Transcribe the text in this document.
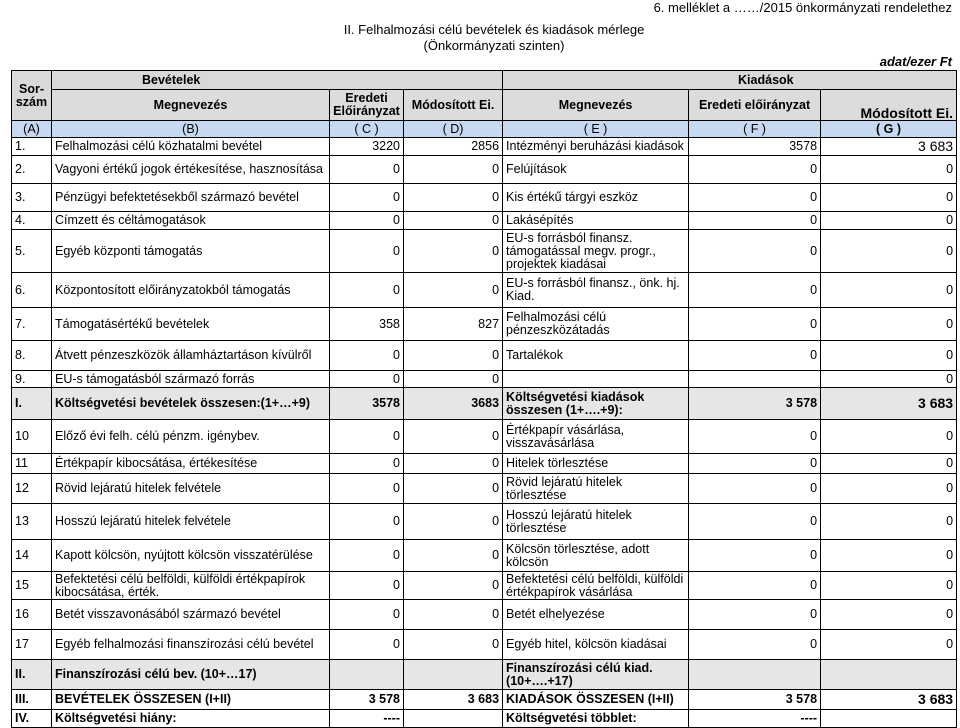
6. melléklet a ……/2015 önkormányzati rendelethez
II. Felhalmozási célú bevételek és kiadások mérlege
(Önkormányzati szinten)
adat/ezer Ft
Sor-szám	Bevételek			Kiadások		
	Megnevezés	Eredeti Előirányzat	Módosított Ei.	Megnevezés	Eredeti előirányzat	Módosított Ei.
(A)	(B)	( C )	( D)	( E )	( F )	( G )
1.	Felhalmozási célú közhatalmi bevétel	3220	2856	Intézményi beruházási kiadások	3578	3 683
2.	Vagyoni értékű jogok értékesítése, hasznosítása	0	0	Felújítások	0	0
3.	Pénzügyi befektetésekből származó bevétel	0	0	Kis értékű tárgyi eszköz	0	0
4.	Címzett és céltámogatások	0	0	Lakásépítés	0	0
5.	Egyéb központi támogatás	0	0	EU-s forrásból finansz. támogatással megv. progr., projektek kiadásai	0	0
6.	Központosított előirányzatokból támogatás	0	0	EU-s forrásból finansz., önk. hj. Kiad.	0	0
7.	Támogatásértékű bevételek	358	827	Felhalmozási célú pénzeszközátadás	0	0
8.	Átvett pénzeszközök államháztartáson kívülről	0	0	Tartalékok	0	0
9.	EU-s támogatásból származó forrás	0	0			0
I.	Költségvetési bevételek összesen:(1+…+9)	3578	3683	Költségvetési kiadások összesen (1+….+9):	3 578	3 683
10	Előző évi felh. célú pénzm. igénybev.	0	0	Értékpapír vásárlása, visszavásárlása	0	0
11	Értékpapír kibocsátása, értékesítése	0	0	Hitelek törlesztése	0	0
12	Rövid lejáratú hitelek felvétele	0	0	Rövid lejáratú hitelek törlesztése	0	0
13	Hosszú lejáratú hitelek felvétele	0	0	Hosszú lejáratú hitelek törlesztése	0	0
14	Kapott kölcsön, nyújtott kölcsön visszatérülése	0	0	Kölcsön törlesztése, adott kölcsön	0	0
15	Befektetési célú belföldi, külföldi értékpapírok kibocsátása, érték.	0	0	Befektetési célú belföldi, külföldi értékpapírok vásárlása	0	0
16	Betét visszavonásából származó bevétel	0	0	Betét elhelyezése	0	0
17	Egyéb felhalmozási finanszírozási célú bevétel	0	0	Egyéb hitel, kölcsön kiadásai	0	0
II.	Finanszírozási célú bev. (10+…17)			Finanszírozási célú kiad. (10+….+17)		
III.	BEVÉTELEK ÖSSZESEN (I+II)	3 578	3 683	KIADÁSOK ÖSSZESEN (I+II)	3 578	3 683
IV.	Költségvetési hiány:	----		Költségvetési többlet:	----	
